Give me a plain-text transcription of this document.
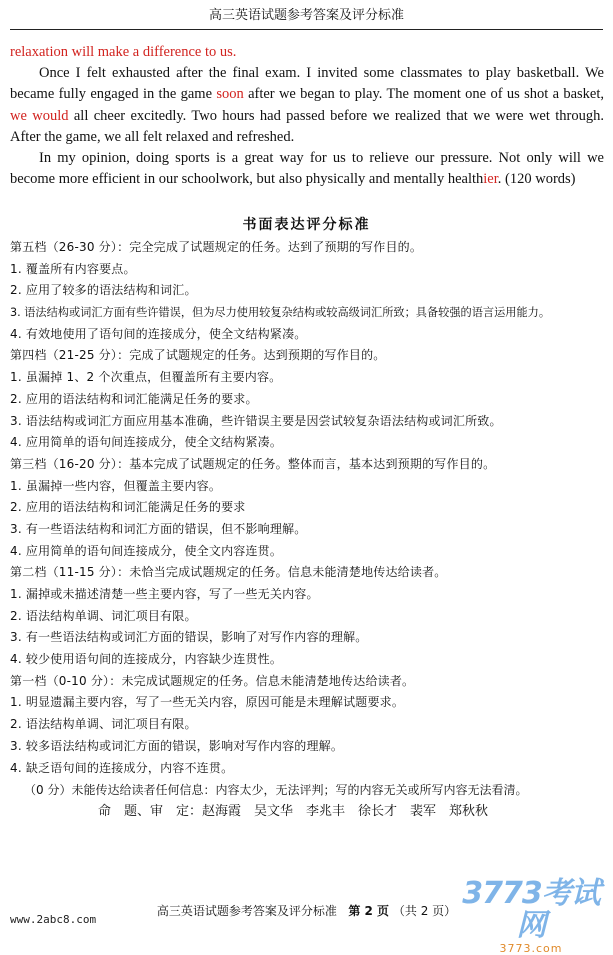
高三英语试题参考答案及评分标准

relaxation will make a difference to us.

Once I felt exhausted after the final exam. I invited some classmates to play basketball. We became fully engaged in the game soon after we began to play. The moment one of us shot a basket, we would all cheer excitedly. Two hours had passed before we realized that we were wet through. After the game, we all felt relaxed and refreshed.

In my opinion, doing sports is a great way for us to relieve our pressure. Not only will we become more efficient in our schoolwork, but also physically and mentally healthier. (120 words)

书面表达评分标准
第五档（26-30 分）：完全完成了试题规定的任务。达到了预期的写作目的。
1. 覆盖所有内容要点。
2. 应用了较多的语法结构和词汇。
3. 语法结构或词汇方面有些许错误，但为尽力使用较复杂结构或较高级词汇所致；具备较强的语言运用能力。
4. 有效地使用了语句间的连接成分，使全文结构紧凑。
第四档（21-25 分）：完成了试题规定的任务。达到预期的写作目的。
1. 虽漏掉 1、2 个次重点，但覆盖所有主要内容。
2. 应用的语法结构和词汇能满足任务的要求。
3. 语法结构或词汇方面应用基本准确，些许错误主要是因尝试较复杂语法结构或词汇所致。
4. 应用简单的语句间连接成分，使全文结构紧凑。
第三档（16-20 分）：基本完成了试题规定的任务。整体而言，基本达到预期的写作目的。
1. 虽漏掉一些内容，但覆盖主要内容。
2. 应用的语法结构和词汇能满足任务的要求
3. 有一些语法结构和词汇方面的错误，但不影响理解。
4. 应用简单的语句间连接成分，使全文内容连贯。
第二档（11-15 分）：未恰当完成试题规定的任务。信息未能清楚地传达给读者。
1. 漏掉或未描述清楚一些主要内容，写了一些无关内容。
2. 语法结构单调、词汇项目有限。
3. 有一些语法结构或词汇方面的错误，影响了对写作内容的理解。
4. 较少使用语句间的连接成分，内容缺少连贯性。
第一档（0-10 分）：未完成试题规定的任务。信息未能清楚地传达给读者。
1. 明显遗漏主要内容，写了一些无关内容，原因可能是未理解试题要求。
2. 语法结构单调、词汇项目有限。
3. 较多语法结构或词汇方面的错误，影响对写作内容的理解。
4. 缺乏语句间的连接成分，内容不连贯。
（0 分）未能传达给读者任何信息：内容太少，无法评判；写的内容无关或所写内容无法看清。
命　题、审　定：赵海霞　吴文华　李兆丰　徐长才　裴军　郑秋秋
高三英语试题参考答案及评分标准 第 2 页 （共 2 页）
www.2abc8.com
3773考试网
3773.com
